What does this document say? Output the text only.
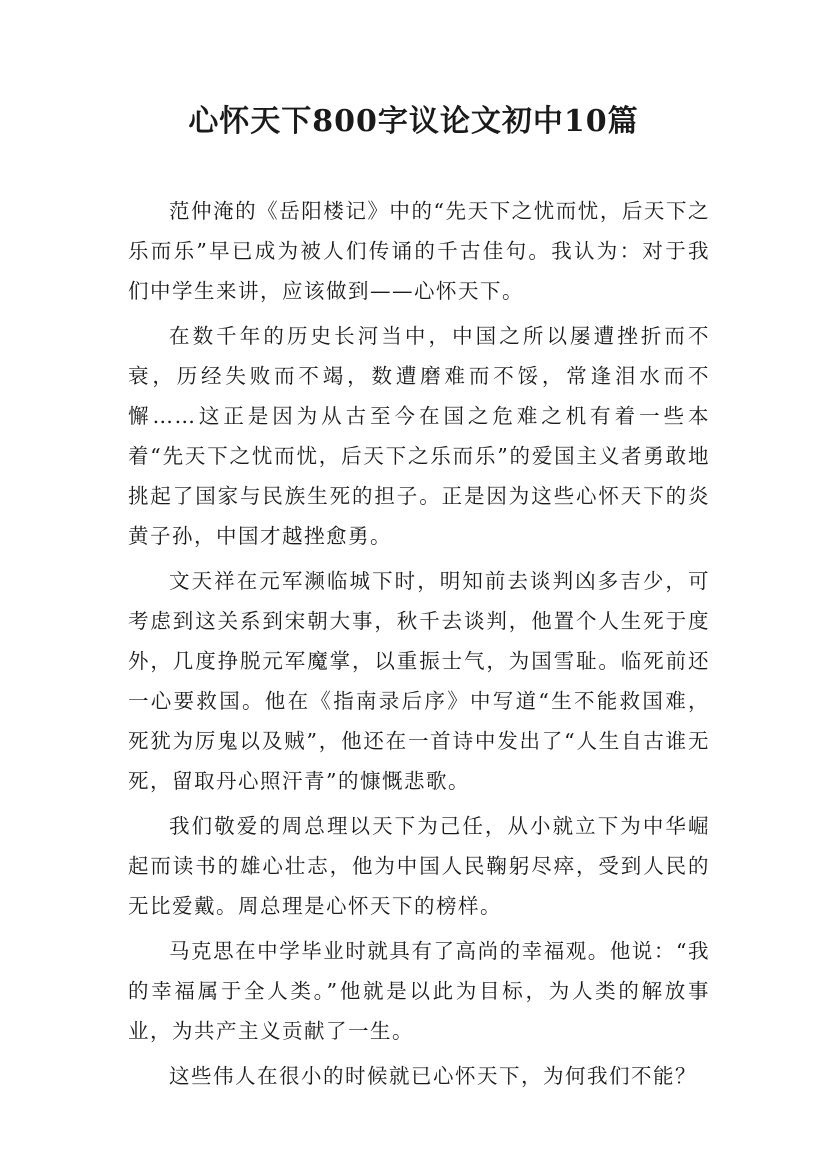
心怀天下800字议论文初中10篇

范仲淹的《岳阳楼记》中的“先天下之忧而忧，后天下之乐而乐”早已成为被人们传诵的千古佳句。我认为：对于我们中学生来讲，应该做到——心怀天下。

在数千年的历史长河当中，中国之所以屡遭挫折而不衰，历经失败而不竭，数遭磨难而不馁，常逢泪水而不懈……这正是因为从古至今在国之危难之机有着一些本着“先天下之忧而忧，后天下之乐而乐”的爱国主义者勇敢地挑起了国家与民族生死的担子。正是因为这些心怀天下的炎黄子孙，中国才越挫愈勇。

文天祥在元军濒临城下时，明知前去谈判凶多吉少，可考虑到这关系到宋朝大事，秋千去谈判，他置个人生死于度外，几度挣脱元军魔掌，以重振士气，为国雪耻。临死前还一心要救国。他在《指南录后序》中写道“生不能救国难，死犹为厉鬼以及贼”，他还在一首诗中发出了“人生自古谁无死，留取丹心照汗青”的慷慨悲歌。

我们敬爱的周总理以天下为己任，从小就立下为中华崛起而读书的雄心壮志，他为中国人民鞠躬尽瘁，受到人民的无比爱戴。周总理是心怀天下的榜样。

马克思在中学毕业时就具有了高尚的幸福观。他说：“我的幸福属于全人类。”他就是以此为目标，为人类的解放事业，为共产主义贡献了一生。

这些伟人在很小的时候就已心怀天下，为何我们不能？
